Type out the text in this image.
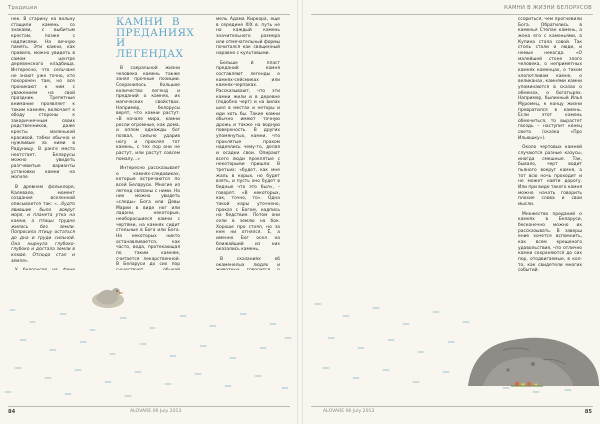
Традиции

нек. В старину на вольну стащили камень со знаками, с выбитым крестом, позже с надписями. На вечную память. Эти камни, как правило, можно увидеть в самом центре деревенского кладбища. Интересно, что сельчане не знают уже точно, кто похоронен там, но все проникают к ним с уважением на свой праздник. Трепетные внимание проявляет к таким камням, включает к ободу стороны к закоричнечным своих родственников, даже кресты маленькой красивой, табки обычно и нужливые за ними в Радуницу. В ранге места неотстает. Беларусы можно увидеть разгчевитые варианты установки камни на могиле.

В древнем фольклоре, Калевале, момент создания вселенной описывается так: «…будто явившие было вокруг моря, и планета утка на камни, а птицы трудно жилось без земли. Попросила птицу остаться до дна и груди сильной. Она нырнула глубоко-глубоко и достала земли в клюве. Отсюда стал и земля».

КАМНИ В ПРЕДАНИЯХ И ЛЕГЕНДАХ

В сакральной жизни человека камень также занял прочные позиции. Сохранилось большое количество легенд и преданий о камнях, их магических свойствах. Например, белорусы верят, что камни растут. «В начале мира, камни росли огромные, как дома, и оплом однажды бог позвал, сильно ударив ногу и проклял тот камень, с тех пор они не растут, или растут совсем помалу…»

Интересно рассказывает о камнях-следовиках, которые встречаются по всей Беларуси. Многие из легенд связаны с ними. На них можно увидеть «следы» Бога или Девы Марии в виде ног или ладони, некоторые, необоросшиеся камни с чертями, на камнях сидит стельные в Бога или Бога. На некоторых никто останавливается, как часто, вода, протекающая по таким камням, считается лекарственной. В Беларуси до сих пор

мель Адама Киркора, еще в середине XIX в. путь не на каждый камень значительного размера или отмечательный формы почитался как священный наравне с культовыми.

Больше й пласт преданий камня составляют легенды о камнях-сейсмиках или камнях-черпаках. Рассказывают, что эти камни жили и в деревне (подобно черт) и на вилах шел в местах и неторы и иди хоть бы. Такие камни обычно имеют точную дрожь и также на водную поверхность. В других упомянутых, камни, что проклятые прахом надеялись чему-то, делая и осадки свои. Опирают всего люди проклятые с некоторыми пришли. В третьих: «будет, как мне жаль в корых, но будет взять, и пусть оно будет в бедные что это был», – говорят. «В некоторых, как, точно, то». Одна такой кары уточнено, проказ с Богом, надпись на бедствие. Потом они сели в землю на бок. Хороше про стоял, но за кем ни отнялся. Ё, а именно Бог осел на ближайший из них оказались камень,

В сказаниях об окаменелых людях и

84	ALOVARE 06 July 2013
КАМНИ В ЖИЗНИ БЕЛОРУСОВ

ссориться, чем прогневили Бога. Обратились в каменья Степан камень, а жена его с каменьями, а Купина стала совой. Так столь стали и люди, и немые некогда. «О малейшей стоне злого человека, о неприметных камнях каменцах, о таком хлопотливом камне, о великанах, камнями камни упоминаются в сказах о обменах, о богатырях. Например, былинный Илья Муромец, к концу жизни превратился в камень. Если этот камень обмочиться, то вырастет гвоздь – наступит конец света (сказка «Про Ильюшку»).

Около чертовых камней случаются разные казусы, иногда смешные. Так, бывало, черт водит пьяного вокруг камня, а тот всю ночь проходит и не может найти дорогу. Или при виде такого камня можно начать говорить плохие слова и свои мысли.

Множество преданий о камнях в Беларуси, бесконечно можно их рассказывать. В заверш ение хочется вспомнить, как всем крещеного удовольствия, что отлично камни сохраняются до сих пор, отодвигаемые, в кол-то, как свидетели многих событий.

ALOVARE 06 July 2013	85
